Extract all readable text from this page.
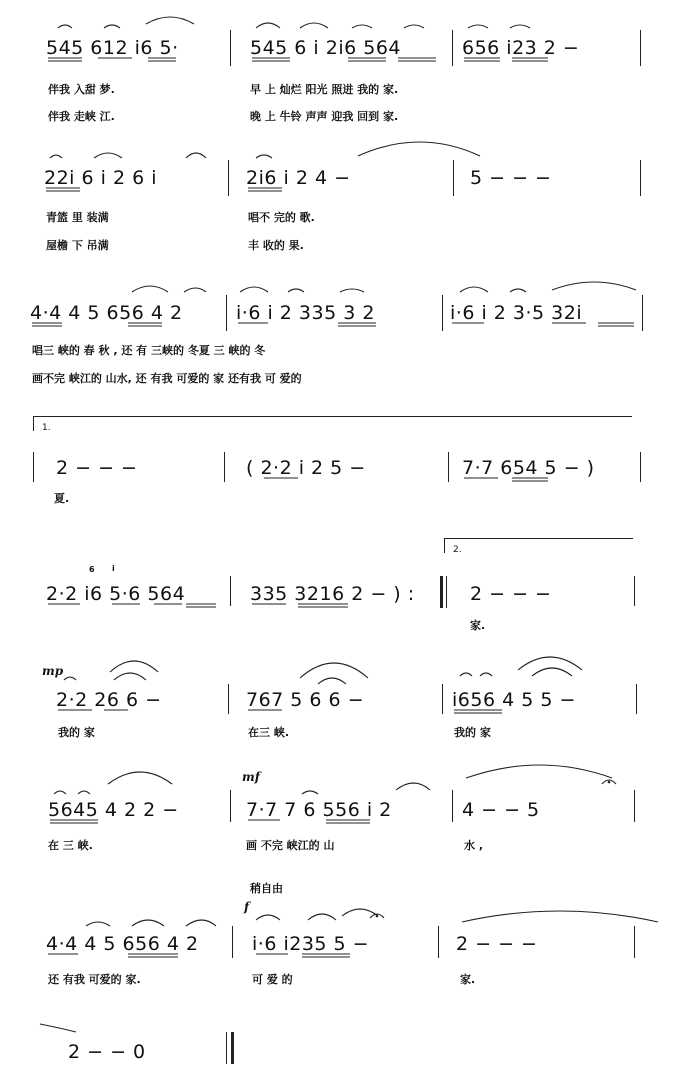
545 612 i6 5·	545 6 i 2i6 564	656 i23 2 −
伴我 入甜 梦.	早 上 灿烂 阳光 照进 我的 家.
伴我 走峡 江.	晚 上 牛铃 声声 迎我 回到 家.
22i 6 i 2 6 i	2i6 i 2 4 −	5 − − −
青篮 里 装满	唱不 完的 歌.
屋檐 下 吊满	丰 收的 果.
4·4 4 5 656 4 2	i·6 i 2 335 3 2	i·6 i 2 3·5 32i
唱三 峡的 春 秋 , 还 有 三峡的 冬夏 三 峡的 冬
画不完 峡江的 山水, 还 有我 可爱的 家 还有我 可 爱的
1.
2 − − −	( 2·2 i 2 5 −	7·7 654 5 − )
夏.
6 i
2·2 i6 5·6 564	335 3216 2 − ) :
2.
2 − − −
家.
mp
2·2 26 6 −	767 5 6 6 −	i656 4 5 5 −
我的 家	在三 峡.	我的 家
mf
5645 4 2 2 −	7·7 7 6 556 i 2	4 − − 5
在 三 峡.	画 不完 峡江的 山	水 ,
稍自由
f
4·4 4 5 656 4 2	i·6 i235 5 −	2 − − −
还 有我 可爱的 家.	可 爱 的	家.
2 − − 0
